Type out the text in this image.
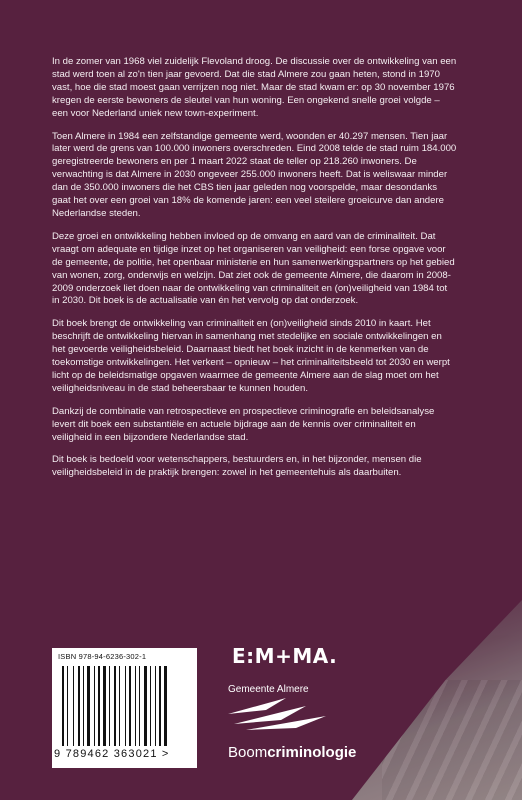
In de zomer van 1968 viel zuidelijk Flevoland droog. De discussie over de ontwikkeling van een stad werd toen al zo'n tien jaar gevoerd. Dat die stad Almere zou gaan heten, stond in 1970 vast, hoe die stad moest gaan verrijzen nog niet. Maar de stad kwam er: op 30 november 1976 kregen de eerste bewoners de sleutel van hun woning. Een ongekend snelle groei volgde – een voor Nederland uniek new town-experiment.

Toen Almere in 1984 een zelfstandige gemeente werd, woonden er 40.297 mensen. Tien jaar later werd de grens van 100.000 inwoners overschreden. Eind 2008 telde de stad ruim 184.000 geregistreerde bewoners en per 1 maart 2022 staat de teller op 218.260 inwoners. De verwachting is dat Almere in 2030 ongeveer 255.000 inwoners heeft. Dat is weliswaar minder dan de 350.000 inwoners die het CBS tien jaar geleden nog voorspelde, maar desondanks gaat het over een groei van 18% de komende jaren: een veel steilere groeicurve dan andere Nederlandse steden.

Deze groei en ontwikkeling hebben invloed op de omvang en aard van de criminaliteit. Dat vraagt om adequate en tijdige inzet op het organiseren van veiligheid: een forse opgave voor de gemeente, de politie, het openbaar ministerie en hun samenwerkingspartners op het gebied van wonen, zorg, onderwijs en welzijn. Dat ziet ook de gemeente Almere, die daarom in 2008-2009 onderzoek liet doen naar de ontwikkeling van criminaliteit en (on)veiligheid van 1984 tot in 2030. Dit boek is de actualisatie van én het vervolg op dat onderzoek.

Dit boek brengt de ontwikkeling van criminaliteit en (on)veiligheid sinds 2010 in kaart. Het beschrijft de ontwikkeling hiervan in samenhang met stedelijke en sociale ontwikkelingen en het gevoerde veiligheidsbeleid. Daarnaast biedt het boek inzicht in de kenmerken van de toekomstige ontwikkelingen. Het verkent – opnieuw – het criminaliteitsbeeld tot 2030 en werpt licht op de beleidsmatige opgaven waarmee de gemeente Almere aan de slag moet om het veiligheidsniveau in de stad beheersbaar te kunnen houden.

Dankzij de combinatie van retrospectieve en prospectieve criminografie en beleidsanalyse levert dit boek een substantiële en actuele bijdrage aan de kennis over criminaliteit en veiligheid in een bijzondere Nederlandse stad.

Dit boek is bedoeld voor wetenschappers, bestuurders en, in het bijzonder, mensen die veiligheidsbeleid in de praktijk brengen: zowel in het gemeentehuis als daarbuiten.

ISBN 978-94-6236-302-1
9 789462 363021 >
E:M+MA.
Gemeente Almere
Boomcriminologie
